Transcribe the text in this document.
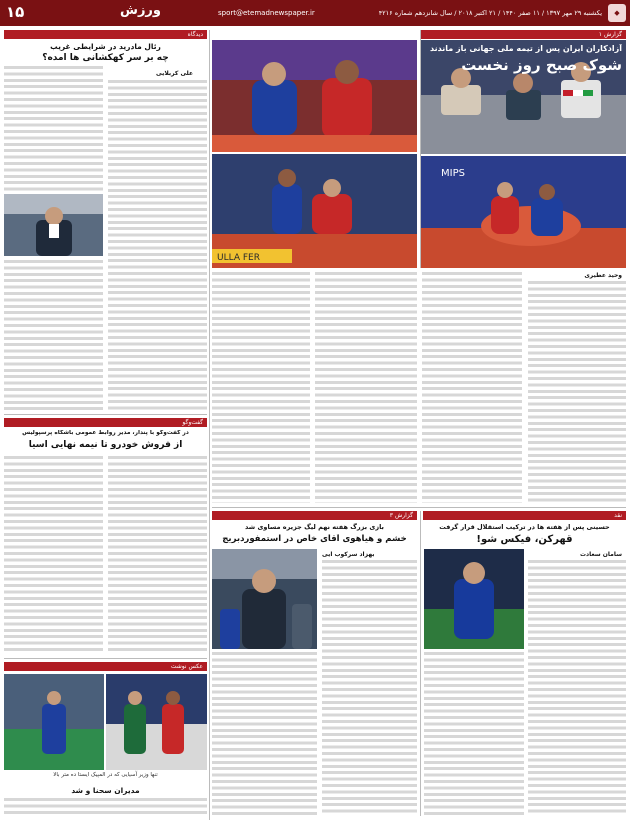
۱۵	ورزش	sport@etemadnewspaper.ir	یکشنبه ۲۹ مهر ۱۳۹۷ / ۱۱ صفر ۱۴۴۰ / ۲۱ اکتبر ۲۰۱۸ / سال شانزدهم شماره ۴۲۱۶	◆
گزارش ۱
آزادکاران ایران پس از تیمه ملی جهانی باز ماندند
شوک صبح روز نخست
MIPS
ULLA FER
وحید عطیری
دیدگاه
رئال مادرید در شرایطی غریب
چه بر سر کهکشانی ها آمده؟
علی کربلایی
گفت‌وگو
در گفت‌وگو با پندار، مدیر روابط عمومی باشگاه پرسپولیس
از فروش خودرو تا نیمه نهایی آسیا
عکس نوشت
تنها وزیر آسیایی که در المپیک ایستا ده متر بالا
مدیران سحنا و شد
گزارش ۳
بازی بزرگ هفته نهم لیگ جزیره مساوی شد
خشم و هیاهوی آقای خاص در استمفوردبریج
بهزاد سرکوب ایی
نقد
حسینی پس از هفته ها در ترکیب استقلال قرار گرفت
قهرکن، فیکس شو!
سامان سعادت
